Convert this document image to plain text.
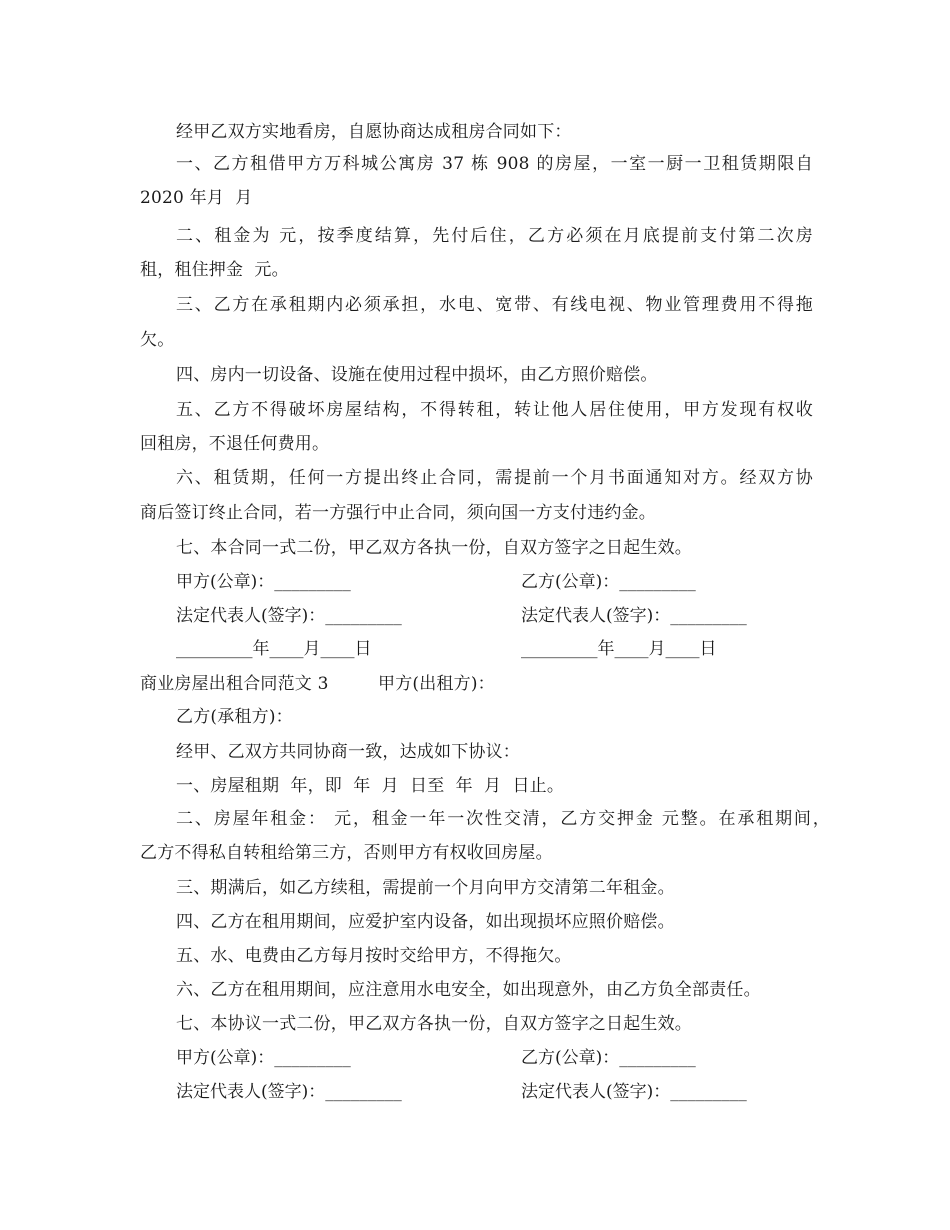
经甲乙双方实地看房，自愿协商达成租房合同如下：
一、乙方租借甲方万科城公寓房 37 栋 908 的房屋，一室一厨一卫租赁期限自
2020 年月  月
二、租金为 元，按季度结算，先付后住，乙方必须在月底提前支付第二次房
租，租住押金  元。
三、乙方在承租期内必须承担，水电、宽带、有线电视、物业管理费用不得拖
欠。
四、房内一切设备、设施在使用过程中损坏，由乙方照价赔偿。
五、乙方不得破坏房屋结构，不得转租，转让他人居住使用，甲方发现有权收
回租房，不退任何费用。
六、租赁期，任何一方提出终止合同，需提前一个月书面通知对方。经双方协
商后签订终止合同，若一方强行中止合同，须向国一方支付违约金。
七、本合同一式二份，甲乙双方各执一份，自双方签字之日起生效。
甲方(公章)：_________	乙方(公章)：_________
法定代表人(签字)：_________	法定代表人(签字)：_________
_________年____月____日	_________年____月____日
商业房屋出租合同范文 3	甲方(出租方)：
乙方(承租方)：
经甲、乙双方共同协商一致，达成如下协议：
一、房屋租期  年，即  年  月  日至  年  月  日止。
二、房屋年租金： 元，租金一年一次性交清，乙方交押金 元整。在承租期间，
乙方不得私自转租给第三方，否则甲方有权收回房屋。
三、期满后，如乙方续租，需提前一个月向甲方交清第二年租金。
四、乙方在租用期间，应爱护室内设备，如出现损坏应照价赔偿。
五、水、电费由乙方每月按时交给甲方，不得拖欠。
六、乙方在租用期间，应注意用水电安全，如出现意外，由乙方负全部责任。
七、本协议一式二份，甲乙双方各执一份，自双方签字之日起生效。
甲方(公章)：_________	乙方(公章)：_________
法定代表人(签字)：_________	法定代表人(签字)：_________
